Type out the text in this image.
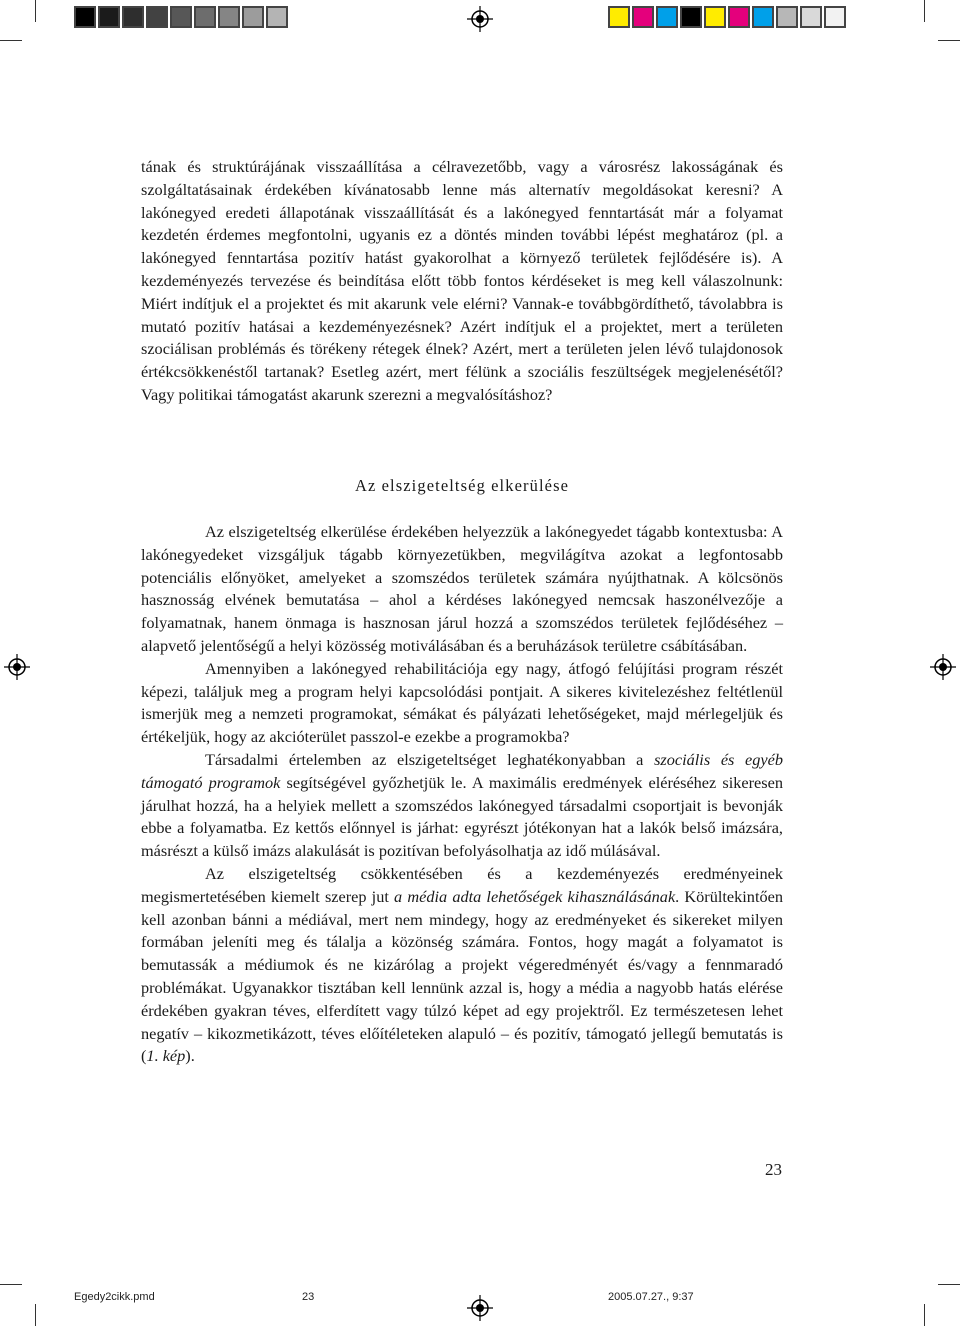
tának és struktúrájának visszaállítása a célravezetőbb, vagy a városrész lakosságának és szolgáltatásainak érdekében kívánatosabb lenne más alternatív megoldásokat keresni? A lakónegyed eredeti állapotának visszaállítását és a lakónegyed fenntartását már a folyamat kezdetén érdemes megfontolni, ugyanis ez a döntés minden további lépést meghatároz (pl. a lakónegyed fenntartása pozitív hatást gyakorolhat a környező területek fejlődésére is). A kezdeményezés tervezése és beindítása előtt több fontos kérdéseket is meg kell válaszolnunk: Miért indítjuk el a projektet és mit akarunk vele elérni? Vannak-e továbbgördíthető, távolabbra is mutató pozitív hatásai a kezdeményezésnek? Azért indítjuk el a projektet, mert a területen szociálisan problémás és törékeny rétegek élnek? Azért, mert a területen jelen lévő tulajdonosok értékcsökkenéstől tartanak? Esetleg azért, mert félünk a szociális feszültségek megjelenésétől? Vagy politikai támogatást akarunk szerezni a megvalósításhoz?

Az elszigeteltség elkerülése

Az elszigeteltség elkerülése érdekében helyezzük a lakónegyedet tágabb kontextusba: A lakónegyedeket vizsgáljuk tágabb környezetükben, megvilágítva azokat a legfontosabb potenciális előnyöket, amelyeket a szomszédos területek számára nyújthatnak. A kölcsönös hasznosság elvének bemutatása – ahol a kérdéses lakónegyed nemcsak haszonélvezője a folyamatnak, hanem önmaga is hasznosan járul hozzá a szomszédos területek fejlődéséhez – alapvető jelentőségű a helyi közösség motiválásában és a beruházások területre csábításában.

Amennyiben a lakónegyed rehabilitációja egy nagy, átfogó felújítási program részét képezi, találjuk meg a program helyi kapcsolódási pontjait. A sikeres kivitelezéshez feltétlenül ismerjük meg a nemzeti programokat, sémákat és pályázati lehetőségeket, majd mérlegeljük és értékeljük, hogy az akcióterület passzol-e ezekbe a programokba?

Társadalmi értelemben az elszigeteltséget leghatékonyabban a szociális és egyéb támogató programok segítségével győzhetjük le. A maximális eredmények eléréséhez sikeresen járulhat hozzá, ha a helyiek mellett a szomszédos lakónegyed társadalmi csoportjait is bevonják ebbe a folyamatba. Ez kettős előnnyel is járhat: egyrészt jótékonyan hat a lakók belső imázsára, másrészt a külső imázs alakulását is pozitívan befolyásolhatja az idő múlásával.

Az elszigeteltség csökkentésében és a kezdeményezés eredményeinek megismertetésében kiemelt szerep jut a média adta lehetőségek kihasználásának. Körültekintően kell azonban bánni a médiával, mert nem mindegy, hogy az eredményeket és sikereket milyen formában jeleníti meg és tálalja a közönség számára. Fontos, hogy magát a folyamatot is bemutassák a médiumok és ne kizárólag a projekt végeredményét és/vagy a fennmaradó problémákat. Ugyanakkor tisztában kell lennünk azzal is, hogy a média a nagyobb hatás elérése érdekében gyakran téves, elferdített vagy túlzó képet ad egy projektről. Ez természetesen lehet negatív – kikozmetikázott, téves előítéleteken alapuló – és pozitív, támogató jellegű bemutatás is (1. kép).

23

Egedy2cikk.pmd	23	2005.07.27., 9:37
